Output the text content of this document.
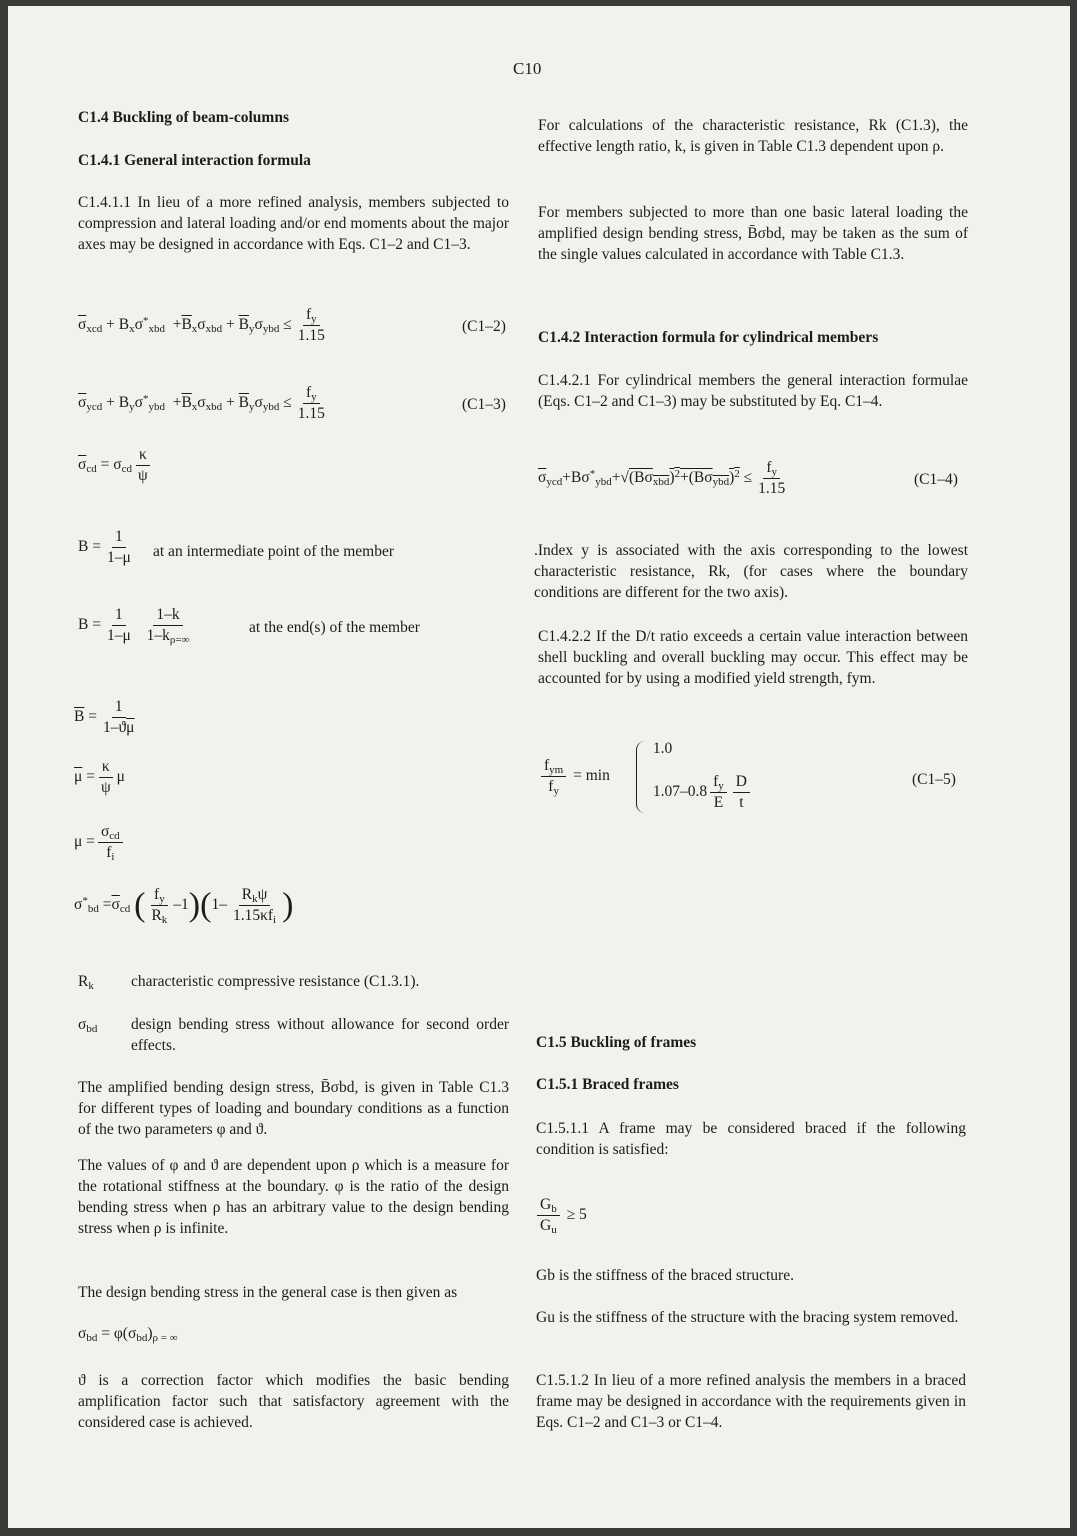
C10
C1.4 Buckling of beam-columns
C1.4.1 General interaction formula
C1.4.1.1 In lieu of a more refined analysis, members subjected to compression and lateral loading and/or end moments about the major axes may be designed in accordance with Eqs. C1–2 and C1–3.
$\overline{\sigma}_{xcd} + B_x\sigma^*_{xbd} +\overline{B}_x\sigma_{xbd} + \overline{B}_y\sigma_{ybd} \le \frac{f_y}{1.15}$	(C1–2)
$\overline{\sigma}_{ycd} + B_y\sigma^*_{ybd} +\overline{B}_x\sigma_{xbd} + \overline{B}_y\sigma_{ybd} \le \frac{f_y}{1.15}$	(C1–3)
$\overline{\sigma}_{cd} = \sigma_{cd} \frac{\kappa}{\psi}$
$B = \frac{1}{1-\mu}$ at an intermediate point of the member
$B = \frac{1}{1-\mu}$
$\frac{1-k}{1-k_{\rho=\infty}}$	at the end(s) of the member
$\overline{B} = \frac{1}{1-ϑ\overline{\mu}}$
$\overline{\mu} = \frac{\kappa}{\psi}$ μ
$\mu = \frac{\sigma_{cd}}{f_i}$
$\sigma^*_{bd} =\overline{\sigma}_{cd}$ ( $\frac{f_y}{R_k} -1)(1- \frac{R_k\psi}{1.15\kappa f_i}$ )
$R_k$ characteristic compressive resistance (C1.3.1).
$\sigma_{bd}$ design bending stress without allowance for second order effects.
The amplified bending design stress, B̄σbd, is given in Table C1.3 for different types of loading and boundary conditions as a function of the two parameters φ and ϑ.
The values of φ and ϑ are dependent upon ρ which is a measure for the rotational stiffness at the boundary. φ is the ratio of the design bending stress when ρ has an arbitrary value to the design bending stress when ρ is infinite.
The design bending stress in the general case is then given as
$\sigma_{bd} = \varphi(\sigma_{bd})_{\rho = \infty}$
ϑ is a correction factor which modifies the basic bending amplification factor such that satisfactory agreement with the considered case is achieved.
For calculations of the characteristic resistance, Rk (C1.3), the effective length ratio, k, is given in Table C1.3 dependent upon ρ.
For members subjected to more than one basic lateral loading the amplified design bending stress, B̄σbd, may be taken as the sum of the single values calculated in accordance with Table C1.3.
C1.4.2 Interaction formula for cylindrical members
C1.4.2.1 For cylindrical members the general interaction formulae (Eqs. C1–2 and C1–3) may be substituted by Eq. C1–4.
$\overline{\sigma}_{ycd}+B\sigma^*_{ybd}+√(B\sigma_{xbd})^2+(B\sigma_{ybd})^2 \le \frac{f_y}{1.15}$	(C1–4)
.Index y is associated with the axis corresponding to the lowest characteristic resistance, Rk, (for cases where the boundary conditions are different for the two axis).
C1.4.2.2 If the D/t ratio exceeds a certain value interaction between shell buckling and overall buckling may occur. This effect may be accounted for by using a modified yield strength, fym.
$\frac{f_{ym}}{f_y} = \min$
1.0
$1.07-0.8 \frac{f_y}{E} \frac{D}{t}$	(C1–5)
C1.5 Buckling of frames
C1.5.1 Braced frames
C1.5.1.1 A frame may be considered braced if the following condition is satisfied:
$\frac{G_b}{G_u} \ge 5$
Gb is the stiffness of the braced structure.
Gu is the stiffness of the structure with the bracing system removed.
C1.5.1.2 In lieu of a more refined analysis the members in a braced frame may be designed in accordance with the requirements given in Eqs. C1–2 and C1–3 or C1–4.
